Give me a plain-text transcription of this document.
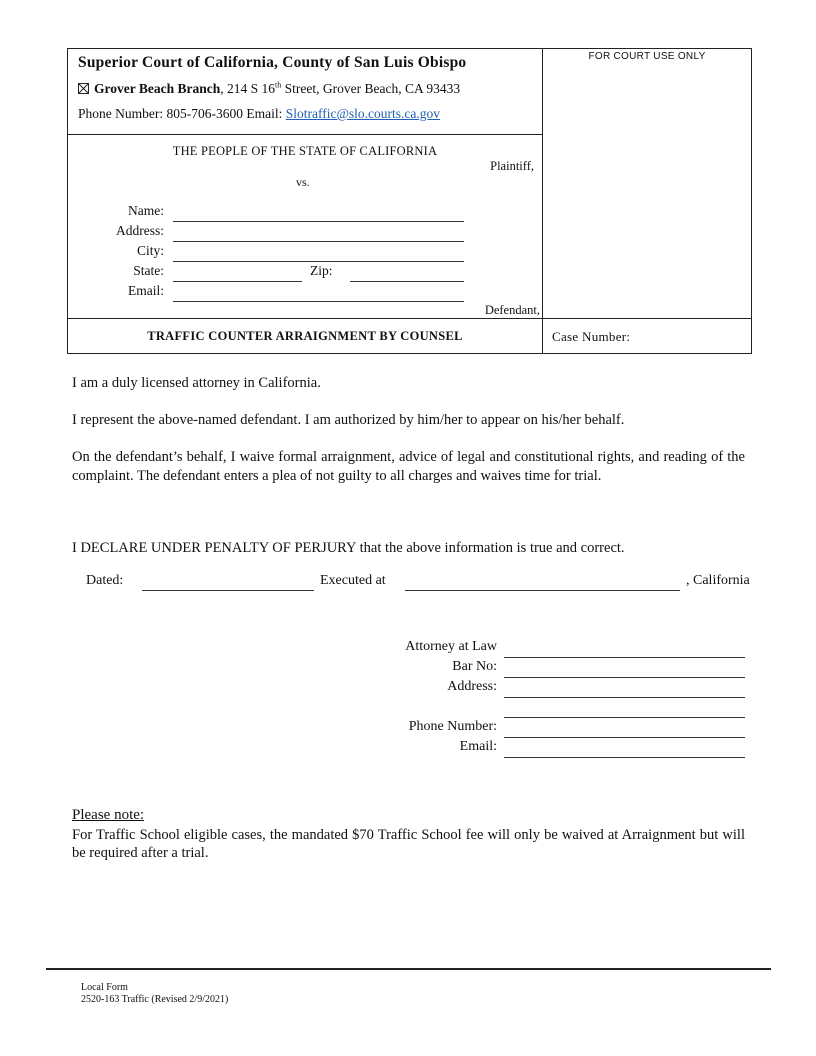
Superior Court of California, County of San Luis Obispo
Grover Beach Branch, 214 S 16th Street, Grover Beach, CA 93433
Phone Number: 805-706-3600 Email: Slotraffic@slo.courts.ca.gov
FOR COURT USE ONLY
THE PEOPLE OF THE STATE OF CALIFORNIA
Plaintiff,
vs.
Name:
Address:
City:
State:	Zip:
Email:
Defendant,
TRAFFIC COUNTER ARRAIGNMENT BY COUNSEL	Case Number:
I am a duly licensed attorney in California.
I represent the above-named defendant. I am authorized by him/her to appear on his/her behalf.
On the defendant’s behalf, I waive formal arraignment, advice of legal and constitutional rights, and reading of the complaint. The defendant enters a plea of not guilty to all charges and waives time for trial.
I DECLARE UNDER PENALTY OF PERJURY that the above information is true and correct.
Dated:	Executed at	, California
Attorney at Law
Bar No:
Address:
Phone Number:
Email:
Please note:
For Traffic School eligible cases, the mandated $70 Traffic School fee will only be waived at Arraignment but will be required after a trial.
Local Form
2520-163 Traffic (Revised 2/9/2021)
